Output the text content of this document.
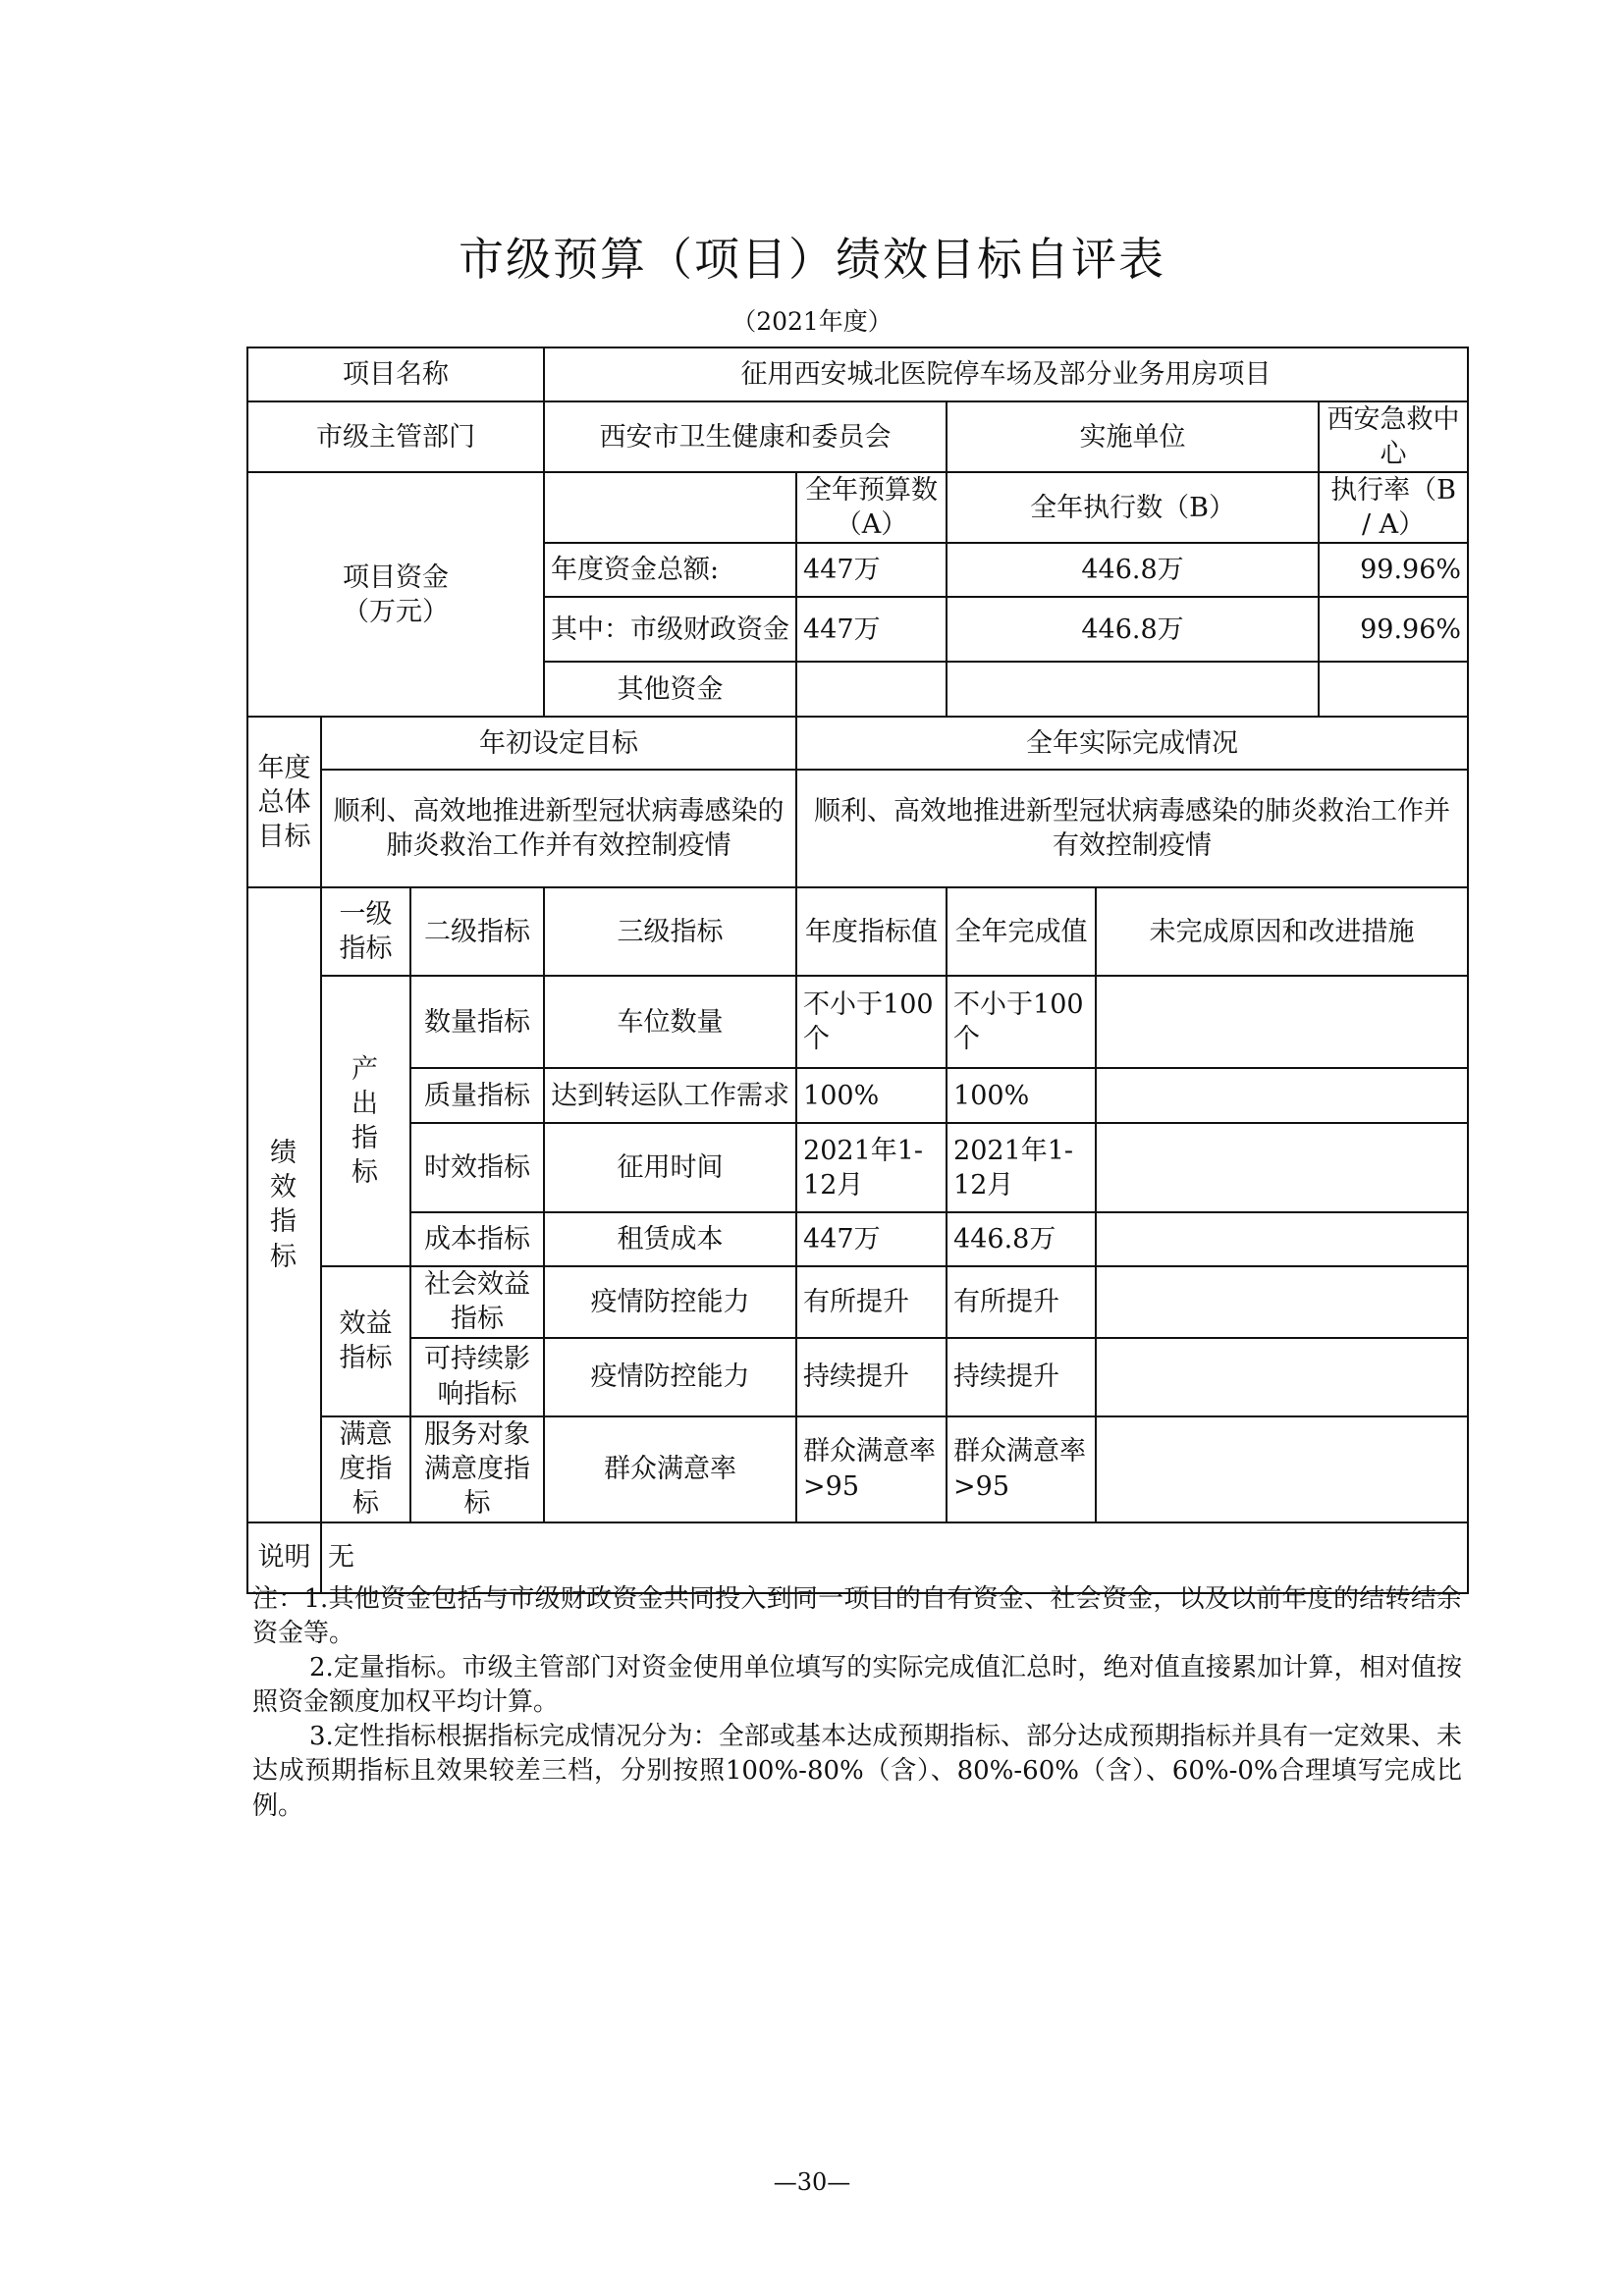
市级预算（项目）绩效目标自评表
（2021年度）
项目名称			征用西安城北医院停车场及部分业务用房项目				
市级主管部门			西安市卫生健康和委员会		实施单位		西安急救中心
项目资金
（万元）				全年预算数（A）	全年执行数（B）		执行率（B / A）
			年度资金总额:	447万	446.8万		99.96%
			其中：市级财政资金	447万	446.8万		99.96%
			其他资金				
年度总体目标	年初设定目标			全年实际完成情况			
	顺利、高效地推进新型冠状病毒感染的肺炎救治工作并有效控制疫情			顺利、高效地推进新型冠状病毒感染的肺炎救治工作并有效控制疫情			
绩效指标	一级指标	二级指标	三级指标	年度指标值	全年完成值	未完成原因和改进措施	
	产出指标	数量指标	车位数量	不小于100个	不小于100个		
		质量指标	达到转运队工作需求	100%	100%		
		时效指标	征用时间	2021年1-12月	2021年1-12月		
		成本指标	租赁成本	447万	446.8万		
	效益指标	社会效益指标	疫情防控能力	有所提升	有所提升		
		可持续影响指标	疫情防控能力	持续提升	持续提升		
	满意度指标	服务对象满意度指标	群众满意率	群众满意率>95	群众满意率>95		
说明	无						

注：1.其他资金包括与市级财政资金共同投入到同一项目的自有资金、社会资金，以及以前年度的结转结余资金等。

2.定量指标。市级主管部门对资金使用单位填写的实际完成值汇总时，绝对值直接累加计算，相对值按照资金额度加权平均计算。

3.定性指标根据指标完成情况分为：全部或基本达成预期指标、部分达成预期指标并具有一定效果、未达成预期指标且效果较差三档，分别按照100%-80%（含）、80%-60%（含）、60%-0%合理填写完成比例。

—30—
